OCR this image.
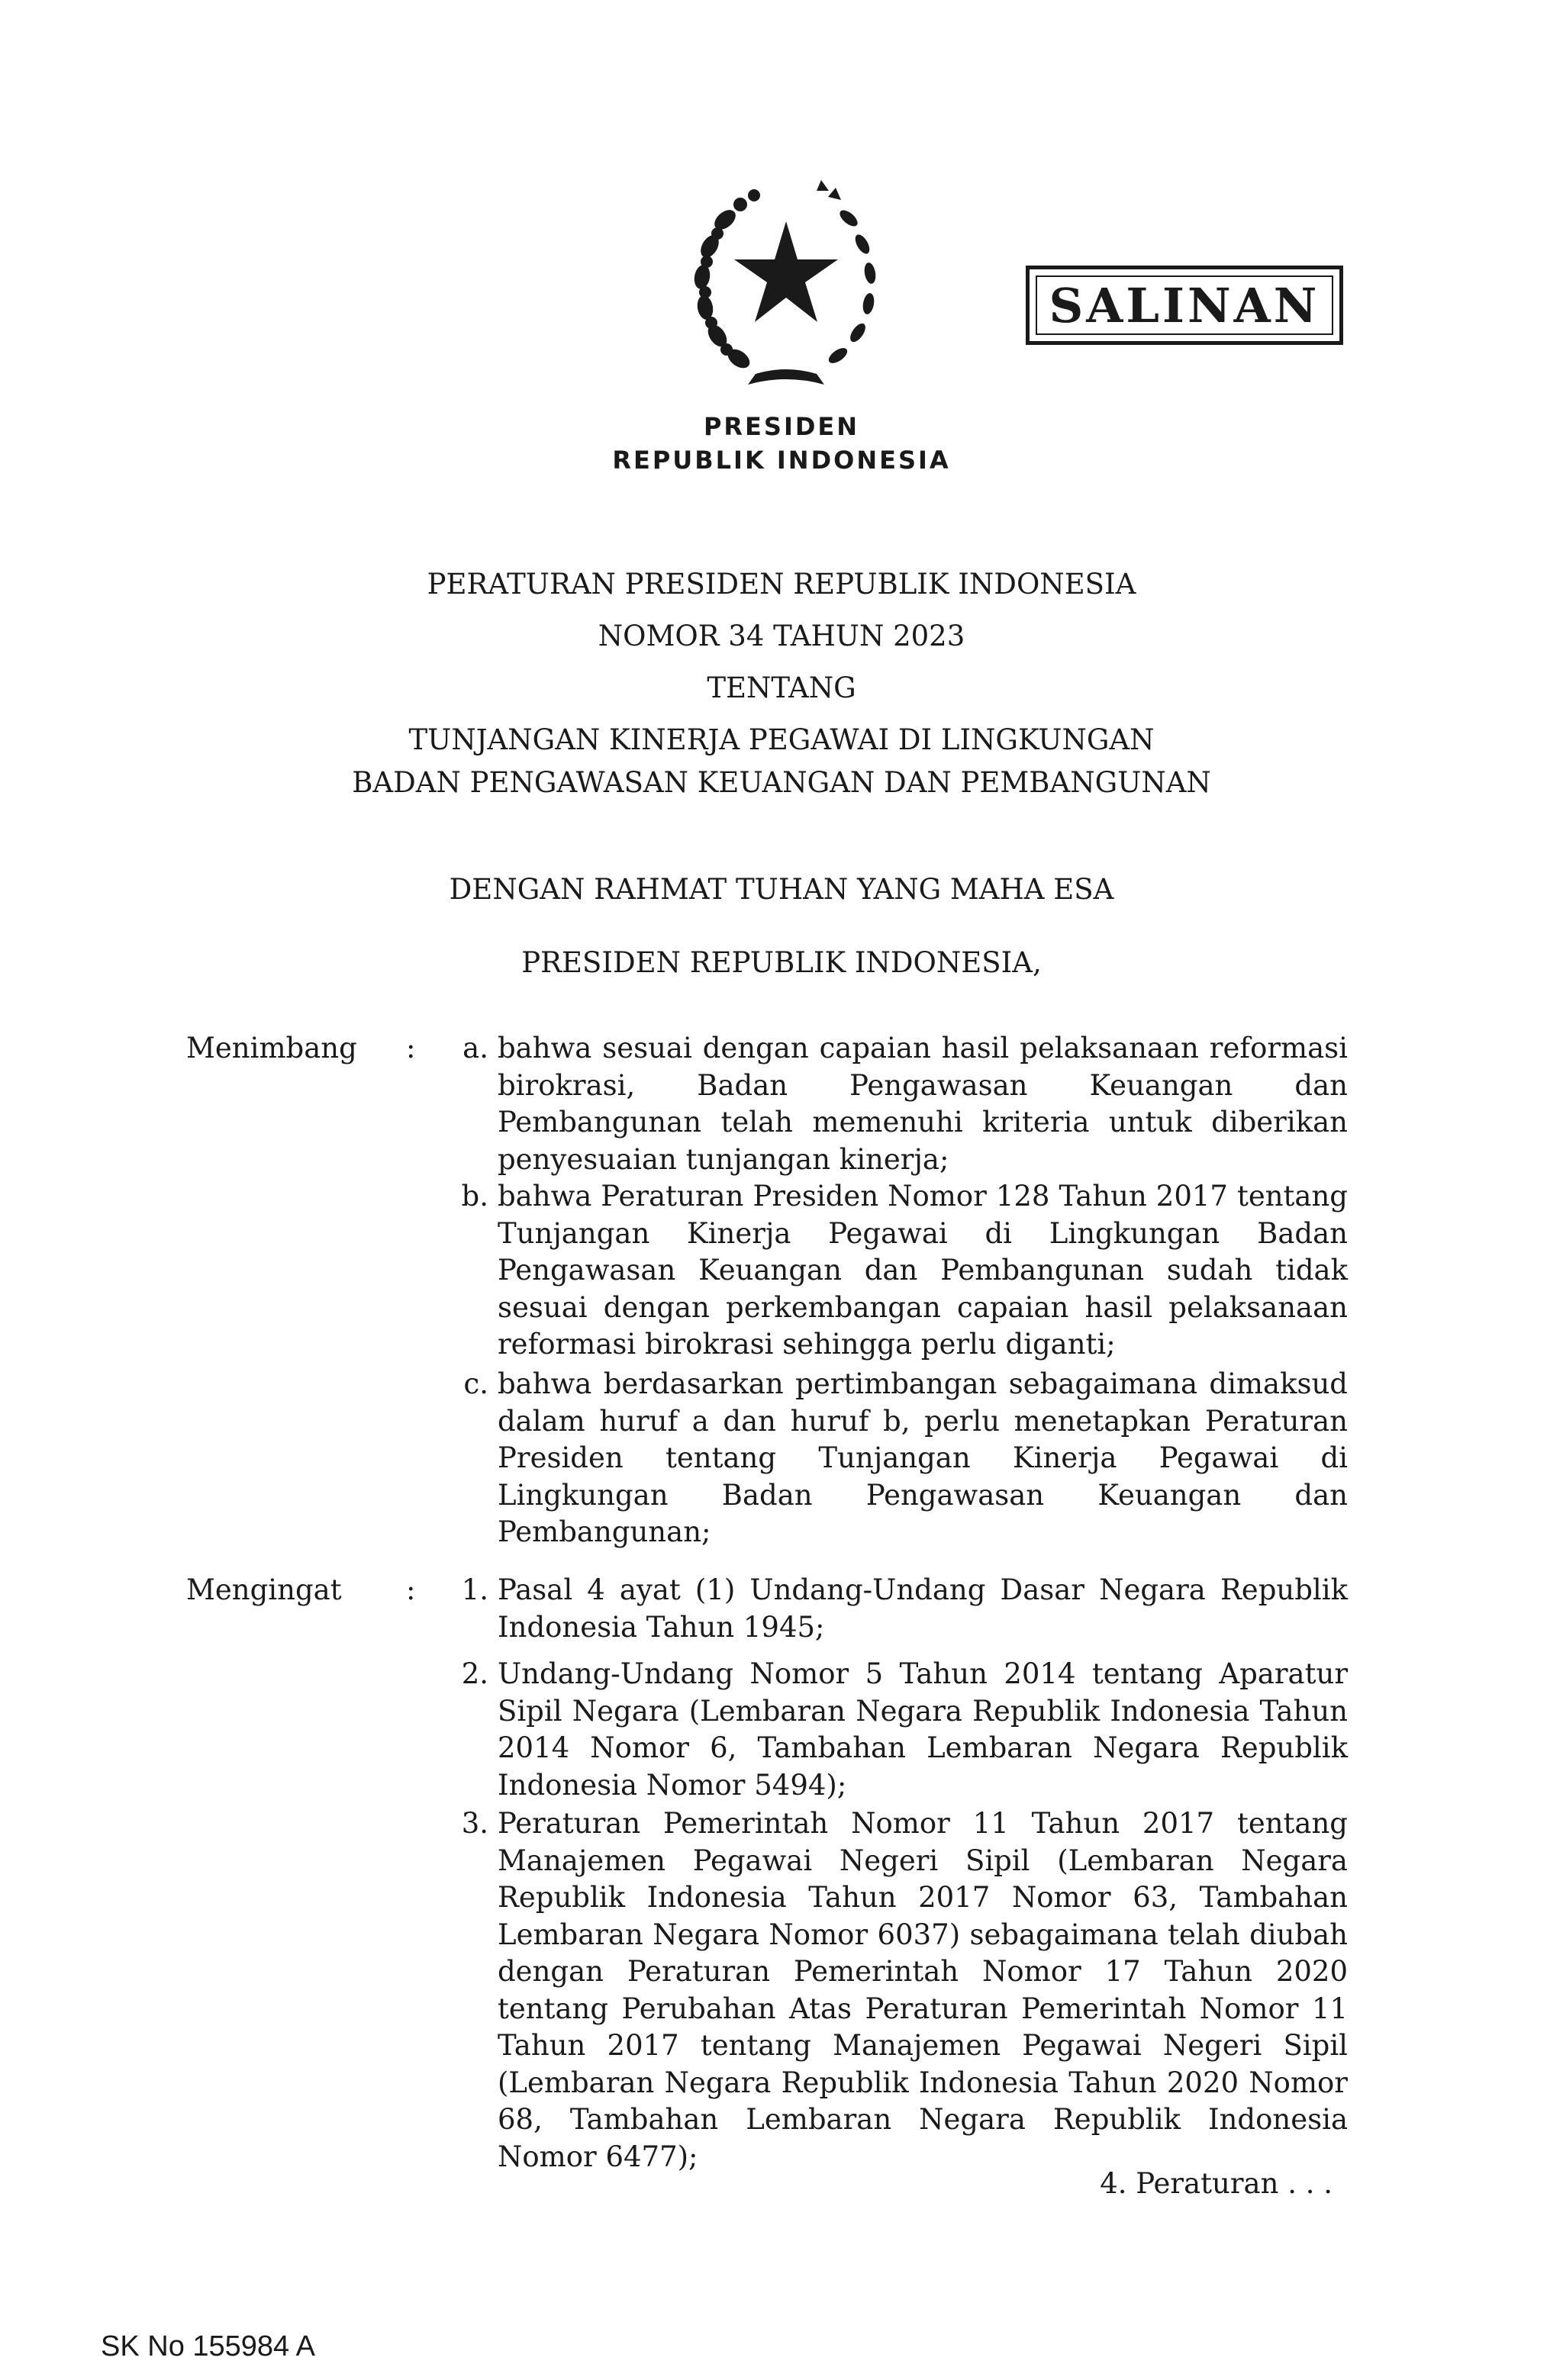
SALINAN
PRESIDEN
REPUBLIK INDONESIA
PERATURAN PRESIDEN REPUBLIK INDONESIA
NOMOR 34 TAHUN 2023
TENTANG
TUNJANGAN KINERJA PEGAWAI DI LINGKUNGAN
BADAN PENGAWASAN KEUANGAN DAN PEMBANGUNAN
DENGAN RAHMAT TUHAN YANG MAHA ESA
PRESIDEN REPUBLIK INDONESIA,
Menimbang :	a. bahwa sesuai dengan capaian hasil pelaksanaan reformasi birokrasi, Badan Pengawasan Keuangan dan Pembangunan telah memenuhi kriteria untuk diberikan penyesuaian tunjangan kinerja;
b. bahwa Peraturan Presiden Nomor 128 Tahun 2017 tentang Tunjangan Kinerja Pegawai di Lingkungan Badan Pengawasan Keuangan dan Pembangunan sudah tidak sesuai dengan perkembangan capaian hasil pelaksanaan reformasi birokrasi sehingga perlu diganti;
c. bahwa berdasarkan pertimbangan sebagaimana dimaksud dalam huruf a dan huruf b, perlu menetapkan Peraturan Presiden tentang Tunjangan Kinerja Pegawai di Lingkungan Badan Pengawasan Keuangan dan Pembangunan;
Mengingat :	1. Pasal 4 ayat (1) Undang-Undang Dasar Negara Republik Indonesia Tahun 1945;
2. Undang-Undang Nomor 5 Tahun 2014 tentang Aparatur Sipil Negara (Lembaran Negara Republik Indonesia Tahun 2014 Nomor 6, Tambahan Lembaran Negara Republik Indonesia Nomor 5494);
3. Peraturan Pemerintah Nomor 11 Tahun 2017 tentang Manajemen Pegawai Negeri Sipil (Lembaran Negara Republik Indonesia Tahun 2017 Nomor 63, Tambahan Lembaran Negara Nomor 6037) sebagaimana telah diubah dengan Peraturan Pemerintah Nomor 17 Tahun 2020 tentang Perubahan Atas Peraturan Pemerintah Nomor 11 Tahun 2017 tentang Manajemen Pegawai Negeri Sipil (Lembaran Negara Republik Indonesia Tahun 2020 Nomor 68, Tambahan Lembaran Negara Republik Indonesia Nomor 6477);
4. Peraturan . . .
SK No 155984 A
